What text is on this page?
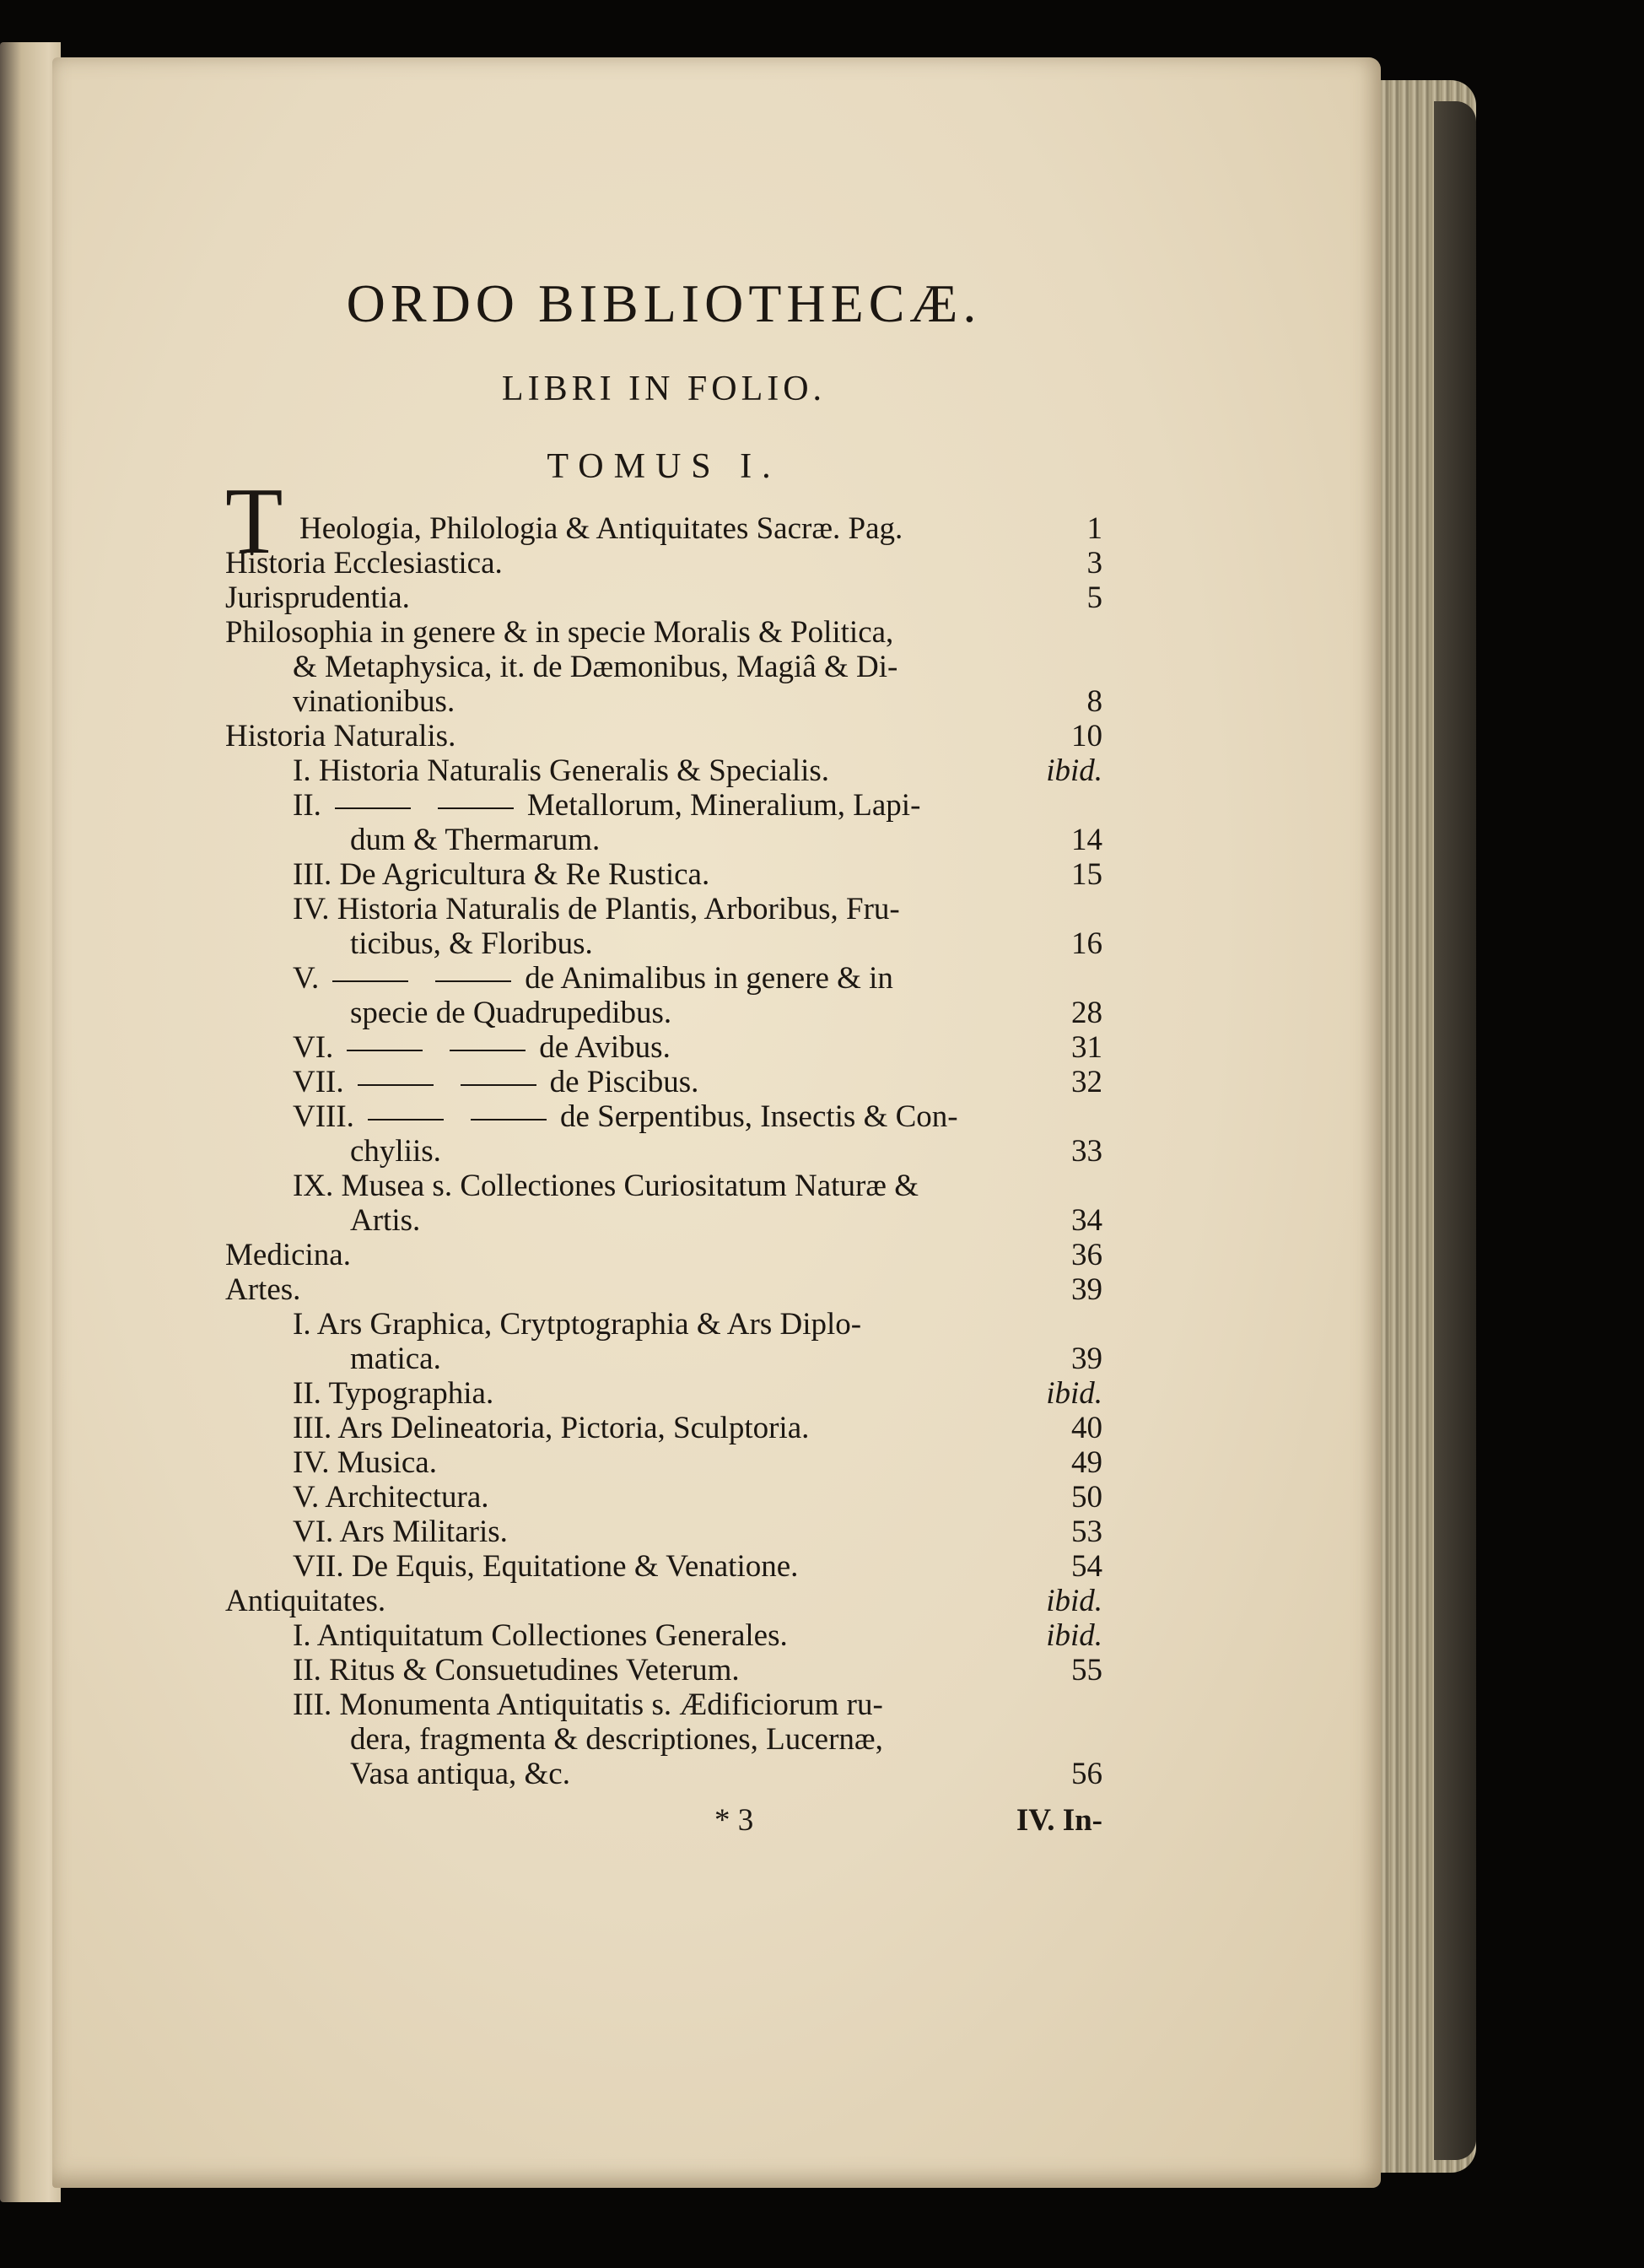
ORDO BIBLIOTHECÆ.
LIBRI IN FOLIO.
TOMUS I.
T Heologia, Philologia & Antiquitates Sacræ. Pag.	1
Historia Ecclesiastica.	3
Jurisprudentia.	5
Philosophia in genere & in specie Moralis & Politica,
& Metaphysica, it. de Dæmonibus, Magiâ & Di-
vinationibus.	8
Historia Naturalis.	10
I. Historia Naturalis Generalis & Specialis.	ibid.
II.	Metallorum, Mineralium, Lapi-
dum & Thermarum.	14
III. De Agricultura & Re Rustica.	15
IV. Historia Naturalis de Plantis, Arboribus, Fru-
ticibus, & Floribus.	16
V.	de Animalibus in genere & in
specie de Quadrupedibus.	28
VI.	de Avibus.	31
VII.	de Piscibus.	32
VIII.	de Serpentibus, Insectis & Con-
chyliis.	33
IX. Musea s. Collectiones Curiositatum Naturæ &
Artis.	34
Medicina.	36
Artes.	39
I. Ars Graphica, Crytptographia & Ars Diplo-
matica.	39
II. Typographia.	ibid.
III. Ars Delineatoria, Pictoria, Sculptoria.	40
IV. Musica.	49
V. Architectura.	50
VI. Ars Militaris.	53
VII. De Equis, Equitatione & Venatione.	54
Antiquitates.	ibid.
I. Antiquitatum Collectiones Generales.	ibid.
II. Ritus & Consuetudines Veterum.	55
III. Monumenta Antiquitatis s. Ædificiorum ru-
dera, fragmenta & descriptiones, Lucernæ,
Vasa antiqua, &c.	56
* 3	IV. In-
